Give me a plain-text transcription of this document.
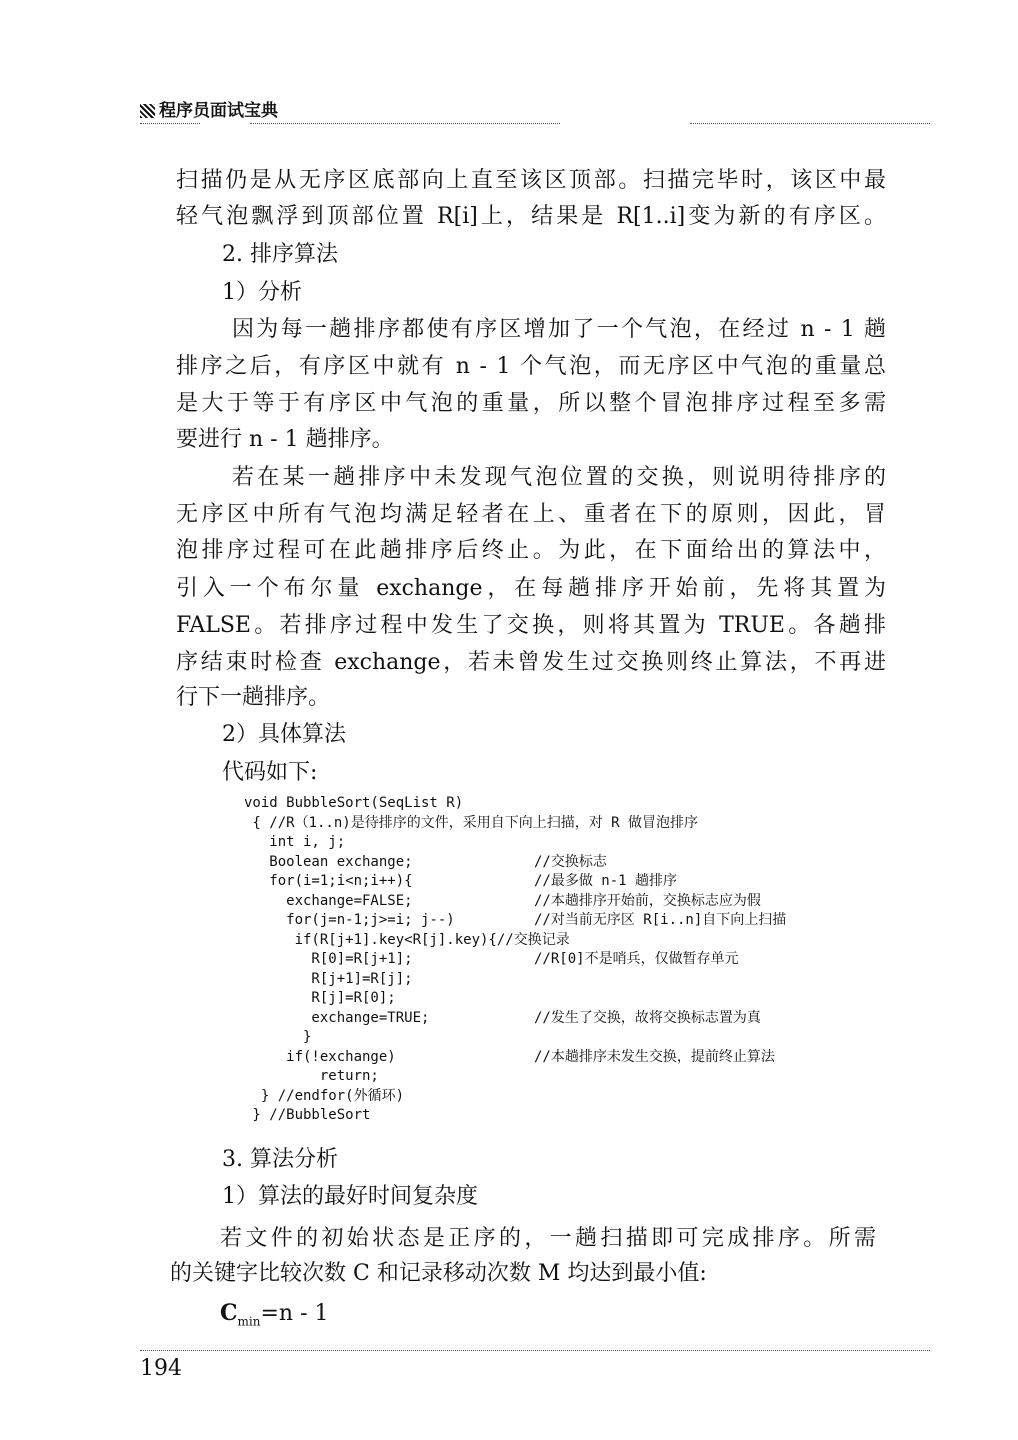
程序员面试宝典
扫描仍是从无序区底部向上直至该区顶部。扫描完毕时，该区中最
轻气泡飘浮到顶部位置 R[i]上，结果是 R[1..i]变为新的有序区。
2. 排序算法
1）分析
因为每一趟排序都使有序区增加了一个气泡，在经过 n - 1 趟
排序之后，有序区中就有 n - 1 个气泡，而无序区中气泡的重量总
是大于等于有序区中气泡的重量，所以整个冒泡排序过程至多需
要进行 n - 1 趟排序。
若在某一趟排序中未发现气泡位置的交换，则说明待排序的
无序区中所有气泡均满足轻者在上、重者在下的原则，因此，冒
泡排序过程可在此趟排序后终止。为此，在下面给出的算法中，
引入一个布尔量 exchange，在每趟排序开始前，先将其置为
FALSE。若排序过程中发生了交换，则将其置为 TRUE。各趟排
序结束时检查 exchange，若未曾发生过交换则终止算法，不再进
行下一趟排序。
2）具体算法
代码如下:
void BubbleSort(SeqList R)
{ //R（1..n)是待排序的文件，采用自下向上扫描，对 R 做冒泡排序
int i, j;
Boolean exchange;	//交换标志
for(i=1;i<n;i++){	//最多做 n-1 趟排序
exchange=FALSE;	//本趟排序开始前，交换标志应为假
for(j=n-1;j>=i; j--)	//对当前无序区 R[i..n]自下向上扫描
if(R[j+1].key<R[j].key){//交换记录
R[0]=R[j+1];	//R[0]不是哨兵，仅做暂存单元
R[j+1]=R[j];
R[j]=R[0];
exchange=TRUE;	//发生了交换，故将交换标志置为真
}
if(!exchange)	//本趟排序未发生交换，提前终止算法
return;
} //endfor(外循环)
} //BubbleSort
3. 算法分析
1）算法的最好时间复杂度
若文件的初始状态是正序的，一趟扫描即可完成排序。所需
的关键字比较次数 C 和记录移动次数 M 均达到最小值:
$C_{min}=n - 1$
194
